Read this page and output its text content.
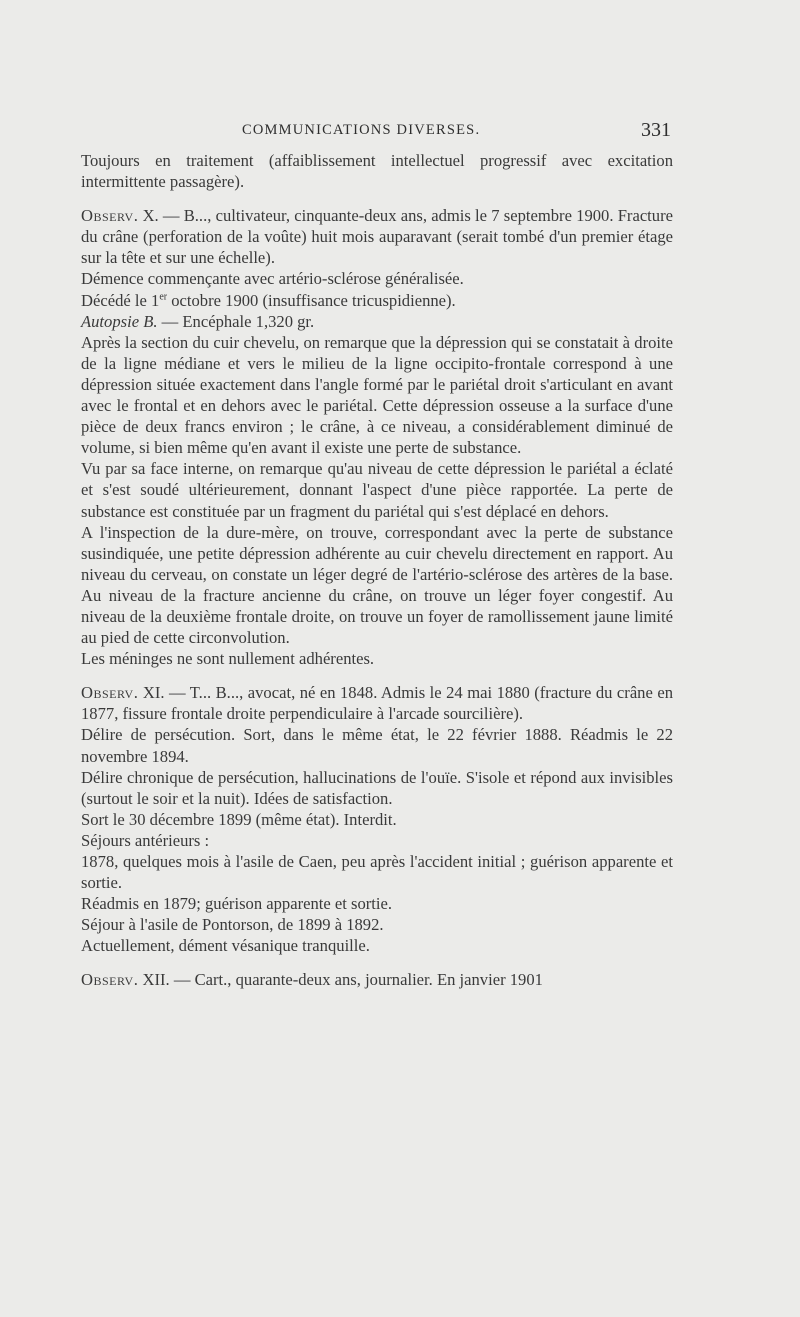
COMMUNICATIONS DIVERSES.	331

Toujours en traitement (affaiblissement intellectuel progressif avec excitation intermittente passagère).

Observ. X. — B..., cultivateur, cinquante-deux ans, admis le 7 septembre 1900. Fracture du crâne (perforation de la voûte) huit mois auparavant (serait tombé d'un premier étage sur la tête et sur une échelle).

Démence commençante avec artério-sclérose généralisée.

Décédé le 1er octobre 1900 (insuffisance tricuspidienne).

Autopsie B. — Encéphale 1,320 gr.

Après la section du cuir chevelu, on remarque que la dépression qui se constatait à droite de la ligne médiane et vers le milieu de la ligne occipito-frontale correspond à une dépression située exactement dans l'angle formé par le pariétal droit s'articulant en avant avec le frontal et en dehors avec le pariétal. Cette dépression osseuse a la surface d'une pièce de deux francs environ ; le crâne, à ce niveau, a considérablement diminué de volume, si bien même qu'en avant il existe une perte de substance.

Vu par sa face interne, on remarque qu'au niveau de cette dépression le pariétal a éclaté et s'est soudé ultérieurement, donnant l'aspect d'une pièce rapportée. La perte de substance est constituée par un fragment du pariétal qui s'est déplacé en dehors.

A l'inspection de la dure-mère, on trouve, correspondant avec la perte de substance susindiquée, une petite dépression adhérente au cuir chevelu directement en rapport. Au niveau du cerveau, on constate un léger degré de l'artério-sclérose des artères de la base. Au niveau de la fracture ancienne du crâne, on trouve un léger foyer congestif. Au niveau de la deuxième frontale droite, on trouve un foyer de ramollissement jaune limité au pied de cette circonvolution.

Les méninges ne sont nullement adhérentes.

Observ. XI. — T... B..., avocat, né en 1848. Admis le 24 mai 1880 (fracture du crâne en 1877, fissure frontale droite perpendiculaire à l'arcade sourcilière).

Délire de persécution. Sort, dans le même état, le 22 février 1888. Réadmis le 22 novembre 1894.

Délire chronique de persécution, hallucinations de l'ouïe. S'isole et répond aux invisibles (surtout le soir et la nuit). Idées de satisfaction.

Sort le 30 décembre 1899 (même état). Interdit.

Séjours antérieurs :

1878, quelques mois à l'asile de Caen, peu après l'accident initial ; guérison apparente et sortie.

Réadmis en 1879; guérison apparente et sortie.

Séjour à l'asile de Pontorson, de 1899 à 1892.

Actuellement, dément vésanique tranquille.

Observ. XII. — Cart., quarante-deux ans, journalier. En janvier 1901
